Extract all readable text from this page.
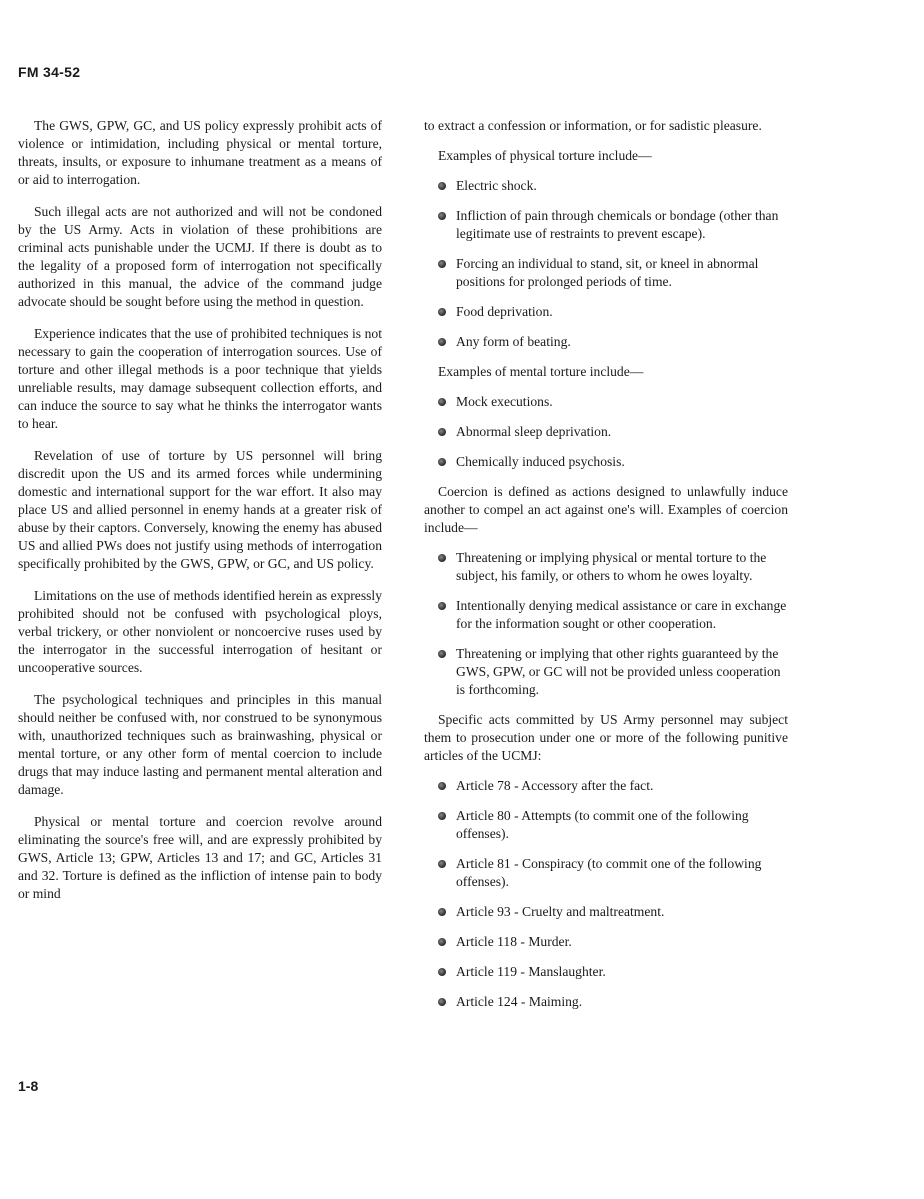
FM 34-52

The GWS, GPW, GC, and US policy expressly prohibit acts of violence or intimidation, including physical or mental torture, threats, insults, or exposure to inhumane treatment as a means of or aid to interrogation.

Such illegal acts are not authorized and will not be condoned by the US Army. Acts in violation of these prohibitions are criminal acts punishable under the UCMJ. If there is doubt as to the legality of a proposed form of interrogation not specifically authorized in this manual, the advice of the command judge advocate should be sought before using the method in question.

Experience indicates that the use of prohibited techniques is not necessary to gain the cooperation of interrogation sources. Use of torture and other illegal methods is a poor technique that yields unreliable results, may damage subsequent collection efforts, and can induce the source to say what he thinks the interrogator wants to hear.

Revelation of use of torture by US personnel will bring discredit upon the US and its armed forces while undermining domestic and international support for the war effort. It also may place US and allied personnel in enemy hands at a greater risk of abuse by their captors. Conversely, knowing the enemy has abused US and allied PWs does not justify using methods of interrogation specifically prohibited by the GWS, GPW, or GC, and US policy.

Limitations on the use of methods identified herein as expressly prohibited should not be confused with psychological ploys, verbal trickery, or other nonviolent or noncoercive ruses used by the interrogator in the successful interrogation of hesitant or uncooperative sources.

The psychological techniques and principles in this manual should neither be confused with, nor construed to be synonymous with, unauthorized techniques such as brainwashing, physical or mental torture, or any other form of mental coercion to include drugs that may induce lasting and permanent mental alteration and damage.

Physical or mental torture and coercion revolve around eliminating the source's free will, and are expressly prohibited by GWS, Article 13; GPW, Articles 13 and 17; and GC, Articles 31 and 32. Torture is defined as the infliction of intense pain to body or mind

to extract a confession or information, or for sadistic pleasure.
Examples of physical torture include—
Electric shock.
Infliction of pain through chemicals or bondage (other than legitimate use of restraints to prevent escape).
Forcing an individual to stand, sit, or kneel in abnormal positions for prolonged periods of time.
Food deprivation.
Any form of beating.
Examples of mental torture include—
Mock executions.
Abnormal sleep deprivation.
Chemically induced psychosis.
Coercion is defined as actions designed to unlawfully induce another to compel an act against one's will. Examples of coercion include—
Threatening or implying physical or mental torture to the subject, his family, or others to whom he owes loyalty.
Intentionally denying medical assistance or care in exchange for the information sought or other cooperation.
Threatening or implying that other rights guaranteed by the GWS, GPW, or GC will not be provided unless cooperation is forthcoming.
Specific acts committed by US Army personnel may subject them to prosecution under one or more of the following punitive articles of the UCMJ:
Article 78 - Accessory after the fact.
Article 80 - Attempts (to commit one of the following offenses).
Article 81 - Conspiracy (to commit one of the following offenses).
Article 93 - Cruelty and maltreatment.
Article 118 - Murder.
Article 119 - Manslaughter.
Article 124 - Maiming.
1-8
